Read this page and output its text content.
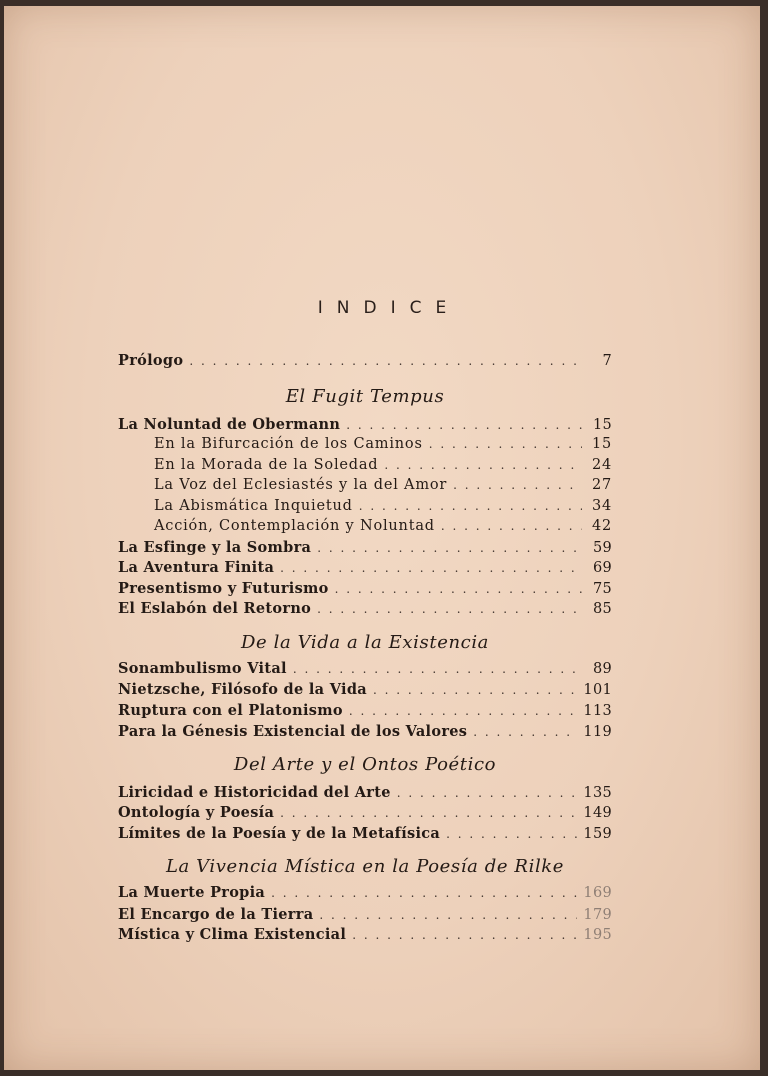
INDICE
Prólogo . . .	7
El Fugit Tempus
La Noluntad de Obermann . . .	15
En la Bifurcación de los Caminos . . .	15
En la Morada de la Soledad . . .	24
La Voz del Eclesiastés y la del Amor . . .	27
La Abismática Inquietud . . .	34
Acción, Contemplación y Noluntad . . .	42
La Esfinge y la Sombra . . .	59
La Aventura Finita . . .	69
Presentismo y Futurismo . . .	75
El Eslabón del Retorno . . .	85
De la Vida a la Existencia
Sonambulismo Vital . . .	89
Nietzsche, Filósofo de la Vida . . .	101
Ruptura con el Platonismo . . .	113
Para la Génesis Existencial de los Valores . . .	119
Del Arte y el Ontos Poético
Liricidad e Historicidad del Arte . . .	135
Ontología y Poesía . . .	149
Límites de la Poesía y de la Metafísica . . .	159
La Vivencia Mística en la Poesía de Rilke
La Muerte Propia . . .	169
El Encargo de la Tierra . . .	179
Mística y Clima Existencial . . .	195
